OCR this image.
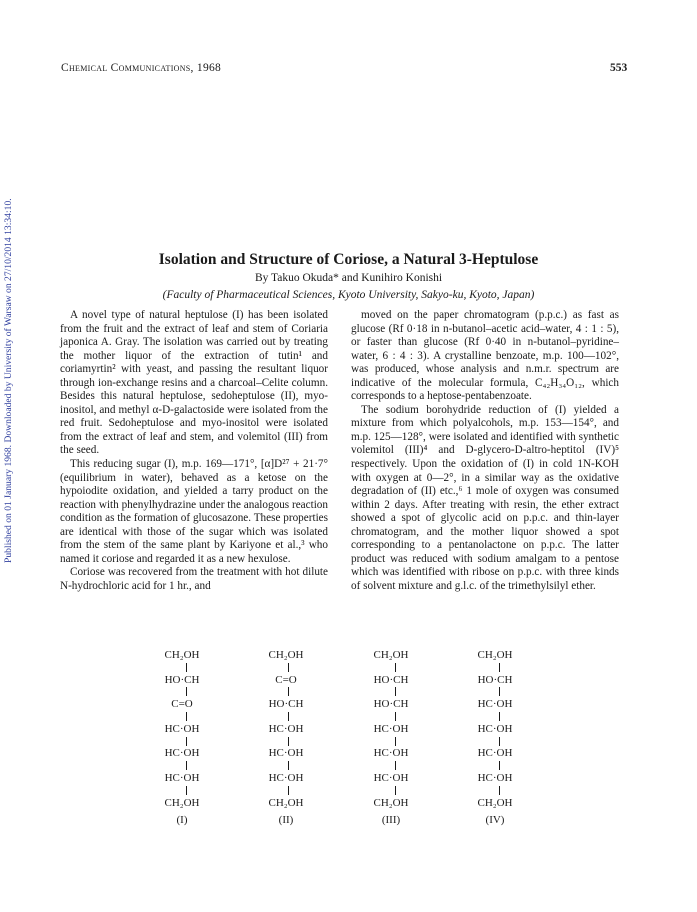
Chemical Communications, 1968	553
Published on 01 January 1968. Downloaded by University of Warsaw on 27/10/2014 13:34:10.	Isolation and Structure of Coriose, a Natural 3-Heptulose
By Takuo Okuda* and Kunihiro Konishi
(Faculty of Pharmaceutical Sciences, Kyoto University, Sakyo-ku, Kyoto, Japan)

A novel type of natural heptulose (I) has been isolated from the fruit and the extract of leaf and stem of Coriaria japonica A. Gray. The isolation was carried out by treating the mother liquor of the extraction of tutin¹ and coriamyrtin² with yeast, and passing the resultant liquor through ion-exchange resins and a charcoal–Celite column. Besides this natural heptulose, sedoheptulose (II), myo-inositol, and methyl α-D-galactoside were isolated from the red fruit. Sedoheptulose and myo-inositol were isolated from the extract of leaf and stem, and volemitol (III) from the seed.

This reducing sugar (I), m.p. 169—171°, [α]D²⁷ + 21·7° (equilibrium in water), behaved as a ketose on the hypoiodite oxidation, and yielded a tarry product on the reaction with phenylhydrazine under the analogous reaction condition as the formation of glucosazone. These properties are identical with those of the sugar which was isolated from the stem of the same plant by Kariyone et al.,³ who named it coriose and regarded it as a new hexulose.

Coriose was recovered from the treatment with hot dilute N-hydrochloric acid for 1 hr., and

moved on the paper chromatogram (p.p.c.) as fast as glucose (Rf 0·18 in n-butanol–acetic acid–water, 4 : 1 : 5), or faster than glucose (Rf 0·40 in n-butanol–pyridine–water, 6 : 4 : 3). A crystalline benzoate, m.p. 100—102°, was produced, whose analysis and n.m.r. spectrum are indicative of the molecular formula, C₄₂H₃₄O₁₂, which corresponds to a heptose-pentabenzoate.

The sodium borohydride reduction of (I) yielded a mixture from which polyalcohols, m.p. 153—154°, and m.p. 125—128°, were isolated and identified with synthetic volemitol (III)⁴ and D-glycero-D-altro-heptitol (IV)⁵ respectively. Upon the oxidation of (I) in cold 1N-KOH with oxygen at 0—2°, in a similar way as the oxidative degradation of (II) etc.,⁶ 1 mole of oxygen was consumed within 2 days. After treating with resin, the ether extract showed a spot of glycolic acid on p.p.c. and thin-layer chromatogram, and the mother liquor showed a spot corresponding to a pentanolactone on p.p.c. The latter product was reduced with sodium amalgam to a pentose which was identified with ribose on p.p.c. with three kinds of solvent mixture and g.l.c. of the trimethylsilyl ether.

CH₂OH
HO·CH
C=O
HC·OH
HC·OH
HC·OH
CH₂OH
(I)
CH₂OH
C=O
HO·CH
HC·OH
HC·OH
HC·OH
CH₂OH
(II)
CH₂OH
HO·CH
HO·CH
HC·OH
HC·OH
HC·OH
CH₂OH
(III)
CH₂OH
HO·CH
HC·OH
HC·OH
HC·OH
HC·OH
CH₂OH
(IV)
